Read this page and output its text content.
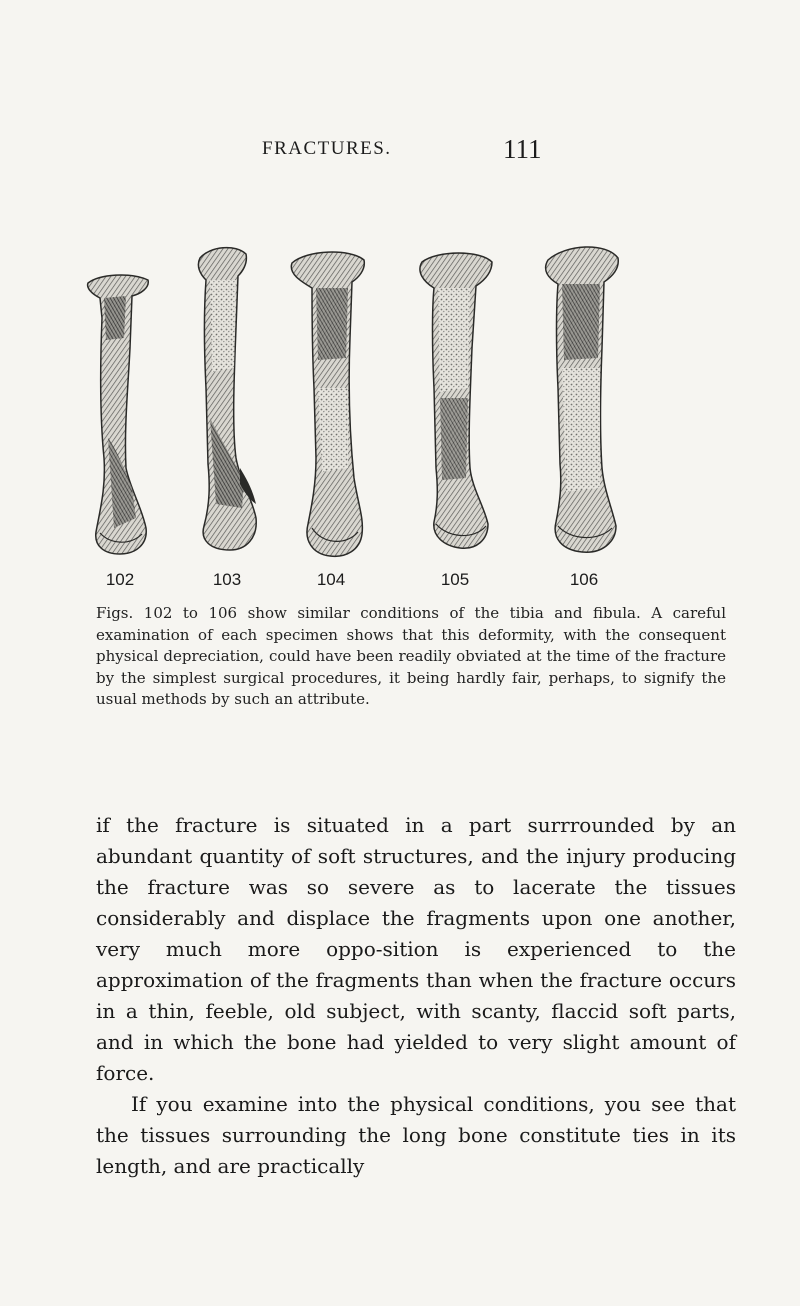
FRACTURES.	111
102	103	104	105	106
Figs. 102 to 106 show similar conditions of the tibia and fibula. A careful examination of each specimen shows that this deformity, with the consequent physical depreciation, could have been readily obviated at the time of the fracture by the simplest surgical procedures, it being hardly fair, perhaps, to signify the usual methods by such an attribute.

if the fracture is situated in a part surrrounded by an abundant quantity of soft structures, and the injury producing the fracture was so severe as to lacerate the tissues considerably and displace the fragments upon one another, very much more oppo-sition is experienced to the approximation of the fragments than when the fracture occurs in a thin, feeble, old subject, with scanty, flaccid soft parts, and in which the bone had yielded to very slight amount of force.

If you examine into the physical conditions, you see that the tissues surrounding the long bone constitute ties in its length, and are practically
